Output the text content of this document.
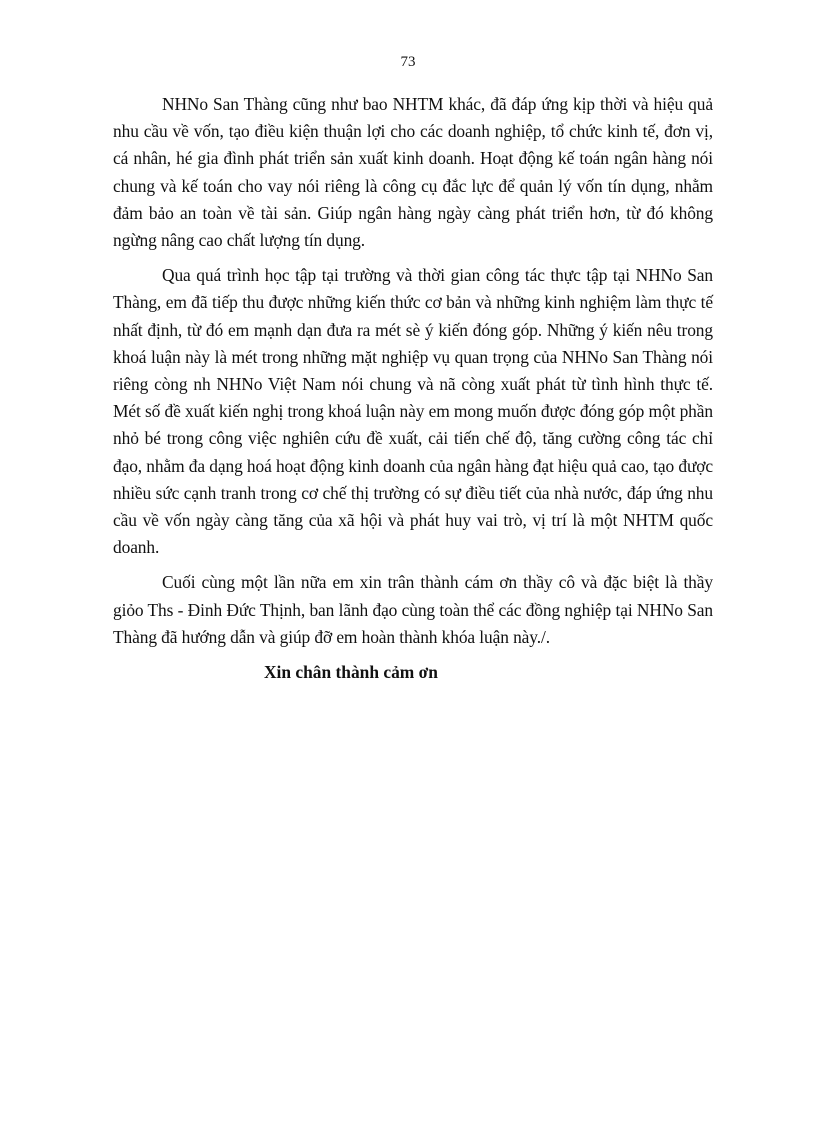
73

NHNo San Thàng cũng như bao NHTM khác, đã đáp ứng kịp thời và hiệu quả nhu cầu về vốn, tạo điều kiện thuận lợi cho các doanh nghiệp, tổ chức kinh tế, đơn vị, cá nhân, hé gia đình phát triển sản xuất kinh doanh. Hoạt động kế toán ngân hàng nói chung và kế toán cho vay nói riêng là công cụ đắc lực để quản lý vốn tín dụng, nhằm đảm bảo an toàn về tài sản. Giúp ngân hàng ngày càng phát triển hơn, từ đó không ngừng nâng cao chất lượng tín dụng.

Qua quá trình học tập tại trường và thời gian công tác thực tập tại NHNo San Thàng, em đã tiếp thu được những kiến thức cơ bản và những kinh nghiệm làm thực tế nhất định, từ đó em mạnh dạn đưa ra mét sè ý kiến đóng góp. Những ý kiến nêu trong khoá luận này là mét trong những mặt nghiệp vụ quan trọng của NHNo San Thàng nói riêng còng nh NHNo Việt Nam nói chung và nã còng xuất phát từ tình hình thực tế. Mét số đề xuất kiến nghị trong khoá luận này em mong muốn được đóng góp một phần nhỏ bé trong công việc nghiên cứu đề xuất, cải tiến chế độ, tăng cường công tác chỉ đạo, nhằm đa dạng hoá hoạt động kinh doanh của ngân hàng đạt hiệu quả cao, tạo được nhiều sức cạnh tranh trong cơ chế thị trường có sự điều tiết của nhà nước, đáp ứng nhu cầu về vốn ngày càng tăng của xã hội và phát huy vai trò, vị trí là một NHTM quốc doanh.

Cuối cùng một lần nữa em xin trân thành cám ơn thầy cô và đặc biệt là thầy giỏo Ths - Đinh Đức Thịnh, ban lãnh đạo cùng toàn thể các đồng nghiệp tại NHNo San Thàng đã hướng dẫn và giúp đỡ em hoàn thành khóa luận này./.

Xin chân thành cảm ơn
